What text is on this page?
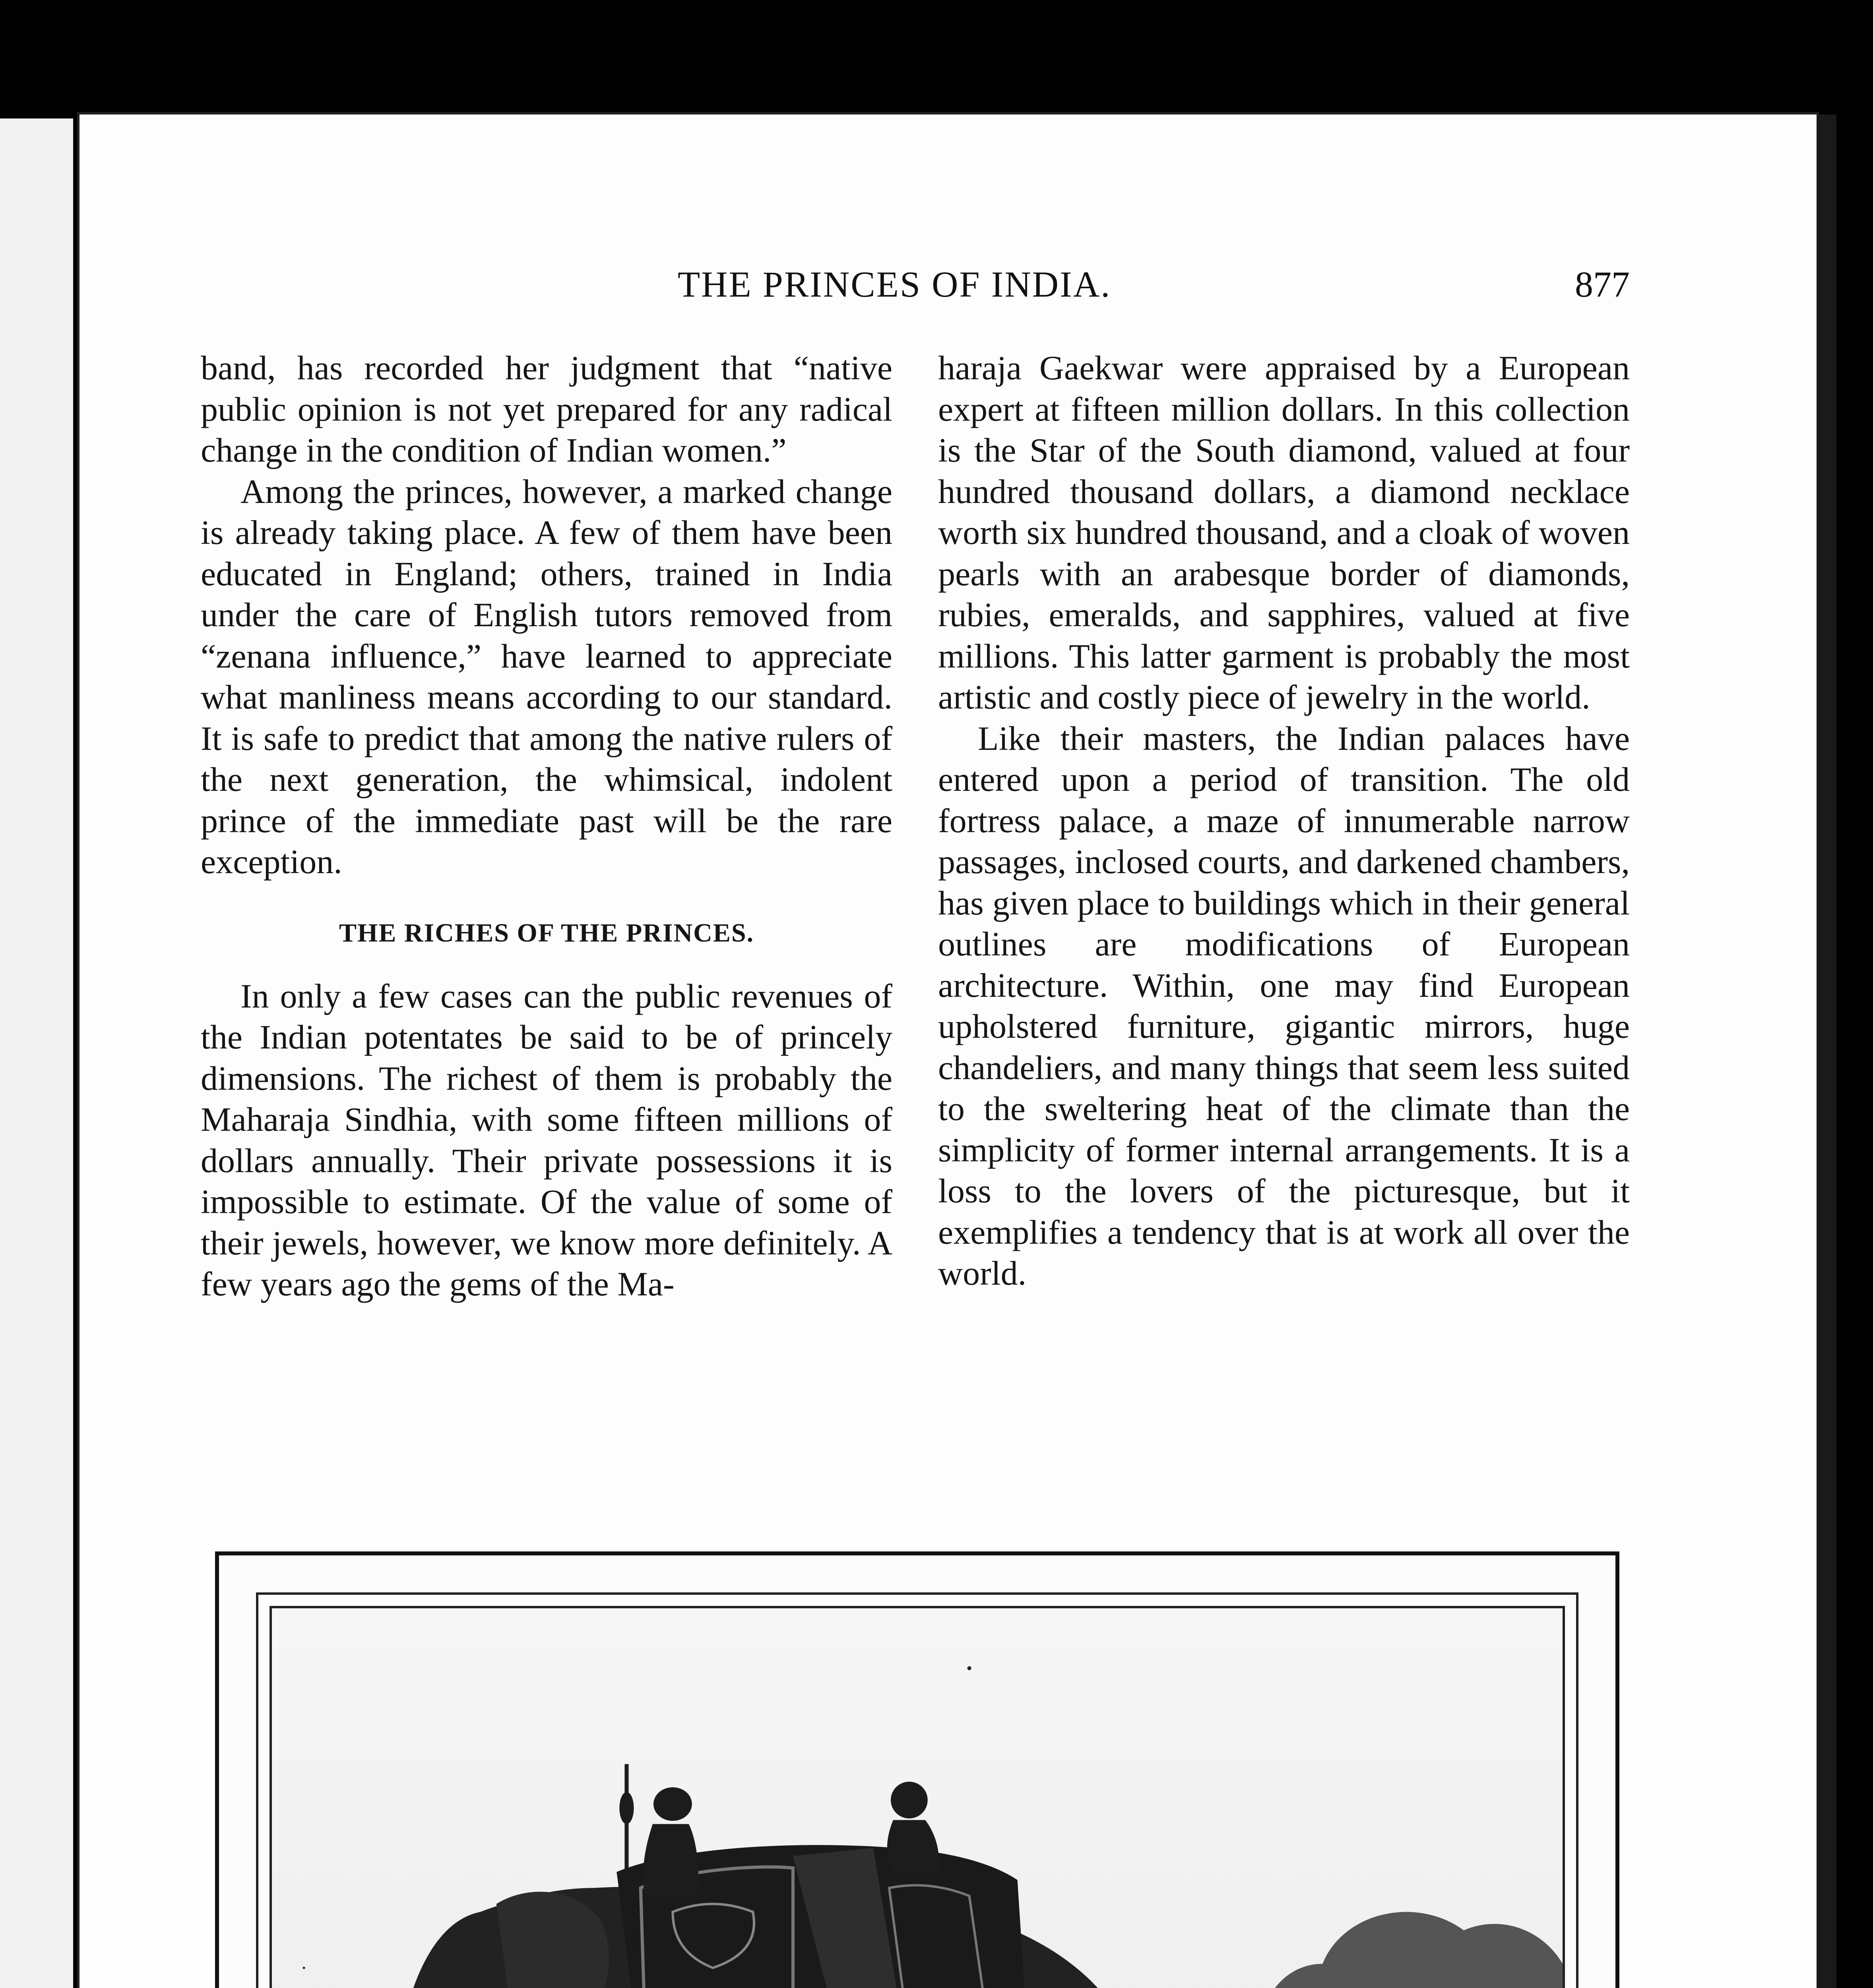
THE PRINCES OF INDIA.	877

band, has recorded her judgment that “native public opinion is not yet prepared for any radical change in the condition of Indian women.”

Among the princes, however, a marked change is already taking place. A few of them have been educated in England; others, trained in India under the care of English tutors removed from “zenana influence,” have learned to appreciate what manliness means according to our standard. It is safe to predict that among the native rulers of the next generation, the whimsical, indolent prince of the immediate past will be the rare exception.

THE RICHES OF THE PRINCES.

In only a few cases can the public revenues of the Indian potentates be said to be of princely dimensions. The richest of them is probably the Maharaja Sindhia, with some fifteen millions of dollars annually. Their private possessions it is impossible to estimate. Of the value of some of their jewels, however, we know more definitely. A few years ago the gems of the Ma-

haraja Gaekwar were appraised by a European expert at fifteen million dollars. In this collection is the Star of the South diamond, valued at four hundred thousand dollars, a diamond necklace worth six hundred thousand, and a cloak of woven pearls with an arabesque border of diamonds, rubies, emeralds, and sapphires, valued at five millions. This latter garment is probably the most artistic and costly piece of jewelry in the world.

Like their masters, the Indian palaces have entered upon a period of transition. The old fortress palace, a maze of innumerable narrow passages, inclosed courts, and darkened chambers, has given place to buildings which in their general outlines are modifications of European architecture. Within, one may find European upholstered furniture, gigantic mirrors, huge chandeliers, and many things that seem less suited to the sweltering heat of the climate than the simplicity of former internal arrangements. It is a loss to the lovers of the picturesque, but it exemplifies a tendency that is at work all over the world.
